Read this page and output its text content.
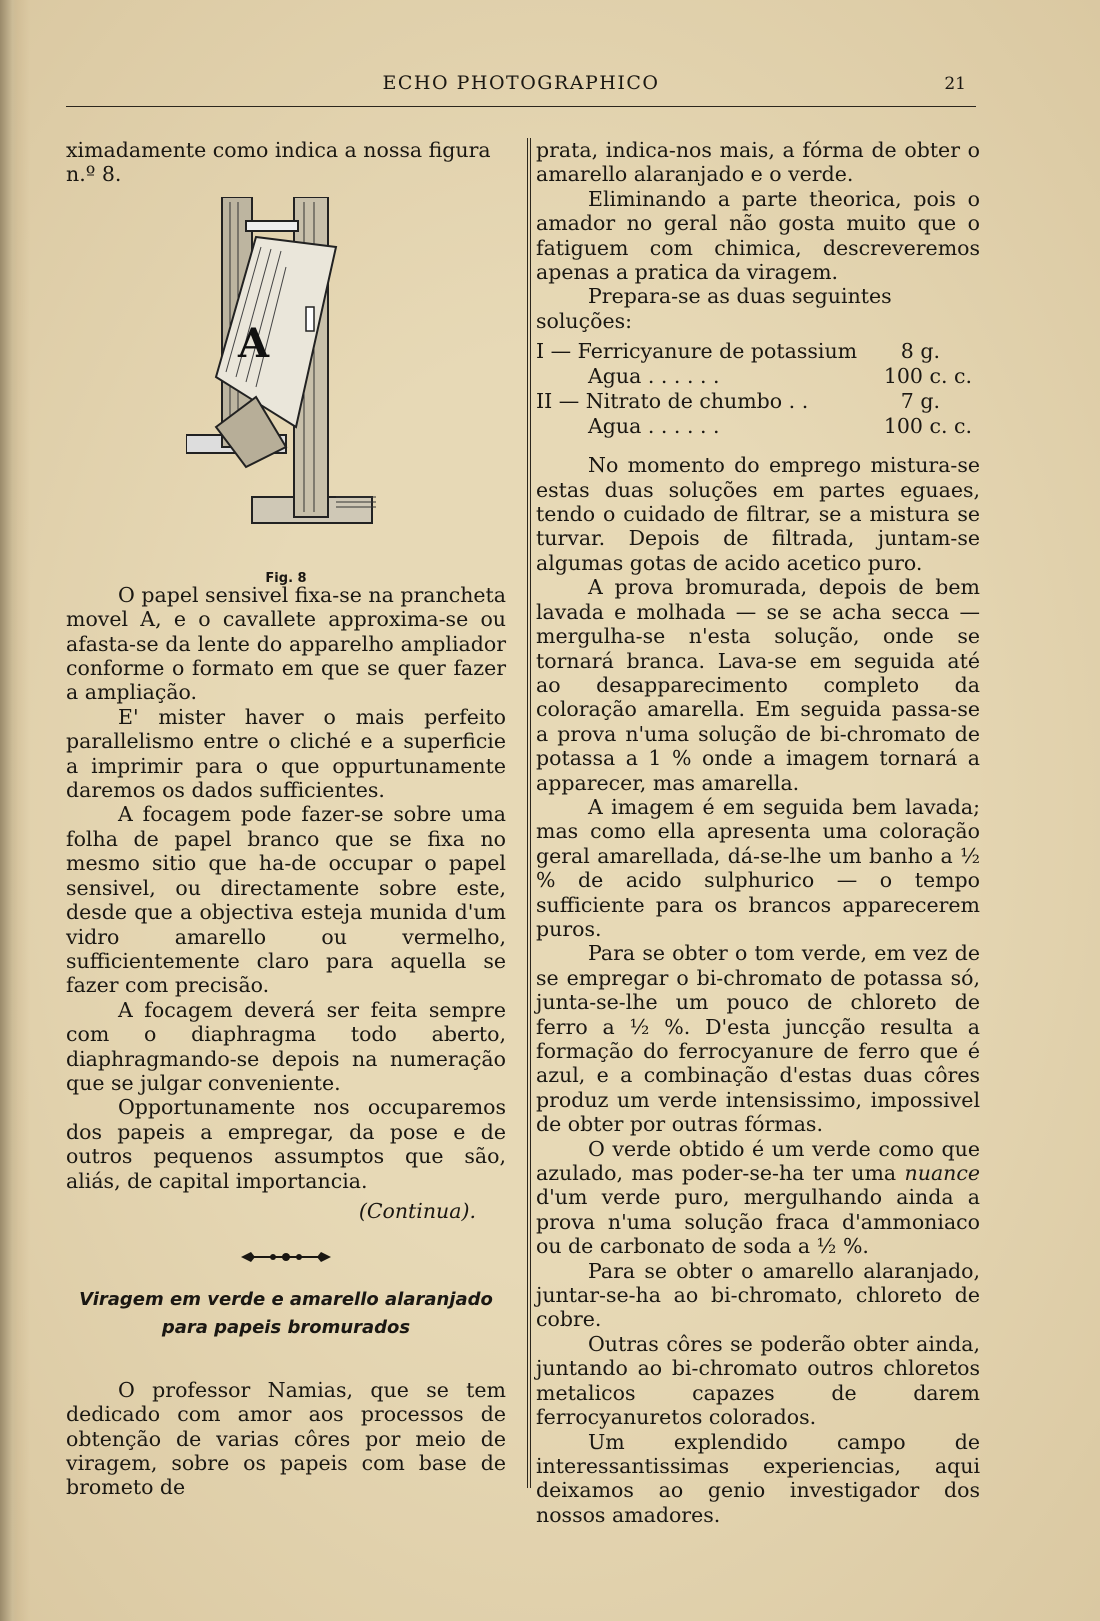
ECHO PHOTOGRAPHICO	21

ximadamente como indica a nossa figura n.º 8.

A
Fig. 8

O papel sensivel fixa-se na prancheta movel A, e o cavallete approxima-se ou afasta-se da lente do apparelho ampliador conforme o formato em que se quer fazer a ampliação.

E' mister haver o mais perfeito parallelismo entre o cliché e a superficie a imprimir para o que oppurtunamente daremos os dados sufficientes.

A focagem pode fazer-se sobre uma folha de papel branco que se fixa no mesmo sitio que ha-de occupar o papel sensivel, ou directamente sobre este, desde que a objectiva esteja munida d'um vidro amarello ou vermelho, sufficientemente claro para aquella se fazer com precisão.

A focagem deverá ser feita sempre com o diaphragma todo aberto, diaphragmando-se depois na numeração que se julgar conveniente.

Opportunamente nos occuparemos dos papeis a empregar, da pose e de outros pequenos assumptos que são, aliás, de capital importancia.

(Continua).

Viragem em verde e amarello alaranjado
para papeis bromurados

O professor Namias, que se tem dedicado com amor aos processos de obtenção de varias côres por meio de viragem, sobre os papeis com base de brometo de

prata, indica-nos mais, a fórma de obter o amarello alaranjado e o verde.

Eliminando a parte theorica, pois o amador no geral não gosta muito que o fatiguem com chimica, descreveremos apenas a pratica da viragem.

Prepara-se as duas seguintes soluções:

I — Ferricyanure de potassium 8 g.
Agua . . . . . .	100 c. c.
II — Nitrato de chumbo . .	7 g.
Agua . . . . . .	100 c. c.

No momento do emprego mistura-se estas duas soluções em partes eguaes, tendo o cuidado de filtrar, se a mistura se turvar. Depois de filtrada, juntam-se algumas gotas de acido acetico puro.

A prova bromurada, depois de bem lavada e molhada — se se acha secca — mergulha-se n'esta solução, onde se tornará branca. Lava-se em seguida até ao desapparecimento completo da coloração amarella. Em seguida passa-se a prova n'uma solução de bi-chromato de potassa a 1 % onde a imagem tornará a apparecer, mas amarella.

A imagem é em seguida bem lavada; mas como ella apresenta uma coloração geral amarellada, dá-se-lhe um banho a ½ % de acido sulphurico — o tempo sufficiente para os brancos apparecerem puros.

Para se obter o tom verde, em vez de se empregar o bi-chromato de potassa só, junta-se-lhe um pouco de chloreto de ferro a ½ %. D'esta juncção resulta a formação do ferrocyanure de ferro que é azul, e a combinação d'estas duas côres produz um verde intensissimo, impossivel de obter por outras fórmas.

O verde obtido é um verde como que azulado, mas poder-se-ha ter uma nuance d'um verde puro, mergulhando ainda a prova n'uma solução fraca d'ammoniaco ou de carbonato de soda a ½ %.

Para se obter o amarello alaranjado, juntar-se-ha ao bi-chromato, chloreto de cobre.

Outras côres se poderão obter ainda, juntando ao bi-chromato outros chloretos metalicos capazes de darem ferrocyanuretos colorados.

Um explendido campo de interessantissimas experiencias, aqui deixamos ao genio investigador dos nossos amadores.
